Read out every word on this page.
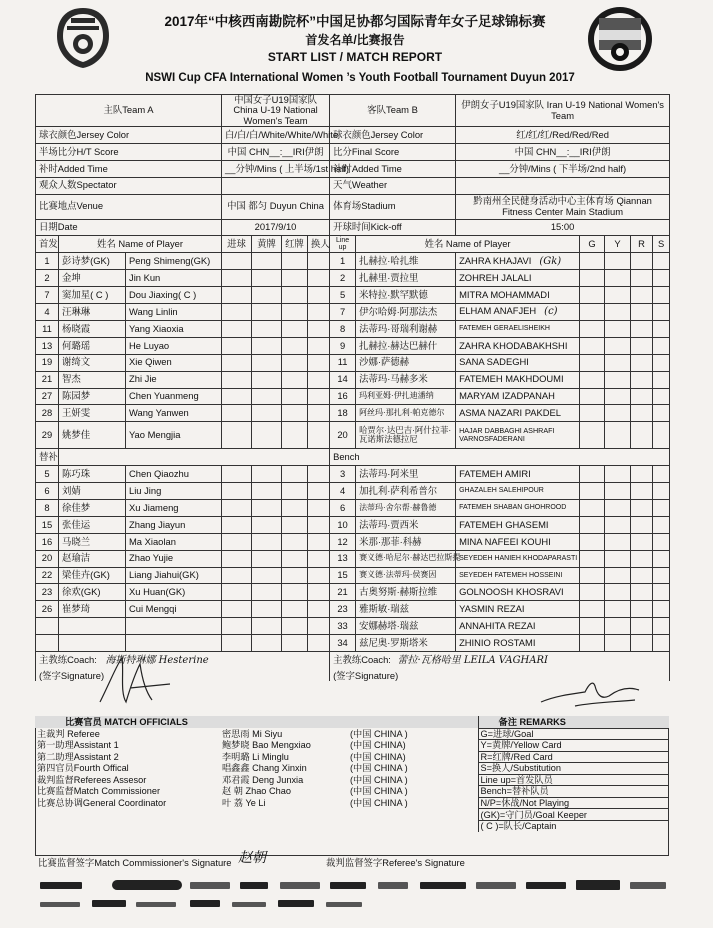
2017年“中核西南勘院杯”中国足协都匀国际青年女子足球锦标赛
首发名单/比赛报告
START LIST / MATCH REPORT
NSWI Cup CFA International Women ’s Youth Football Tournament Duyun 2017
主队Team A			中国女子U19国家队 China U-19 National Women's Team				客队Team B		伊朗女子U19国家队 Iran U-19 National Women's Team				
球衣颜色Jersey Color			白/白/白/White/White/White				球衣颜色Jersey Color		红/红/红/Red/Red/Red				
半场比分H/T Score			中国 CHN__:__IRI伊朗				比分Final Score		中国 CHN__:__IRI伊朗				
补时Added Time			__分钟/Mins ( 上半场/1st half)				补时Added Time		__分钟/Mins ( 下半场/2nd half)				
观众人数Spectator							天气Weather						
比赛地点Venue			中国 都匀 Duyun China				体育场Stadium		黔南州全民健身活动中心主体育场 Qiannan Fitness Center Main Stadium				
日期Date			2017/9/10				开球时间Kick-off		15:00				
首发	姓名 Name of Player		进球	黄牌	红牌	换人	Line up	姓名 Name of Player		G	Y	R	S
1	彭诗梦(GK)	Peng Shimeng(GK)					1	扎赫拉·哈扎维	ZAHRA KHAJAVI (Gk)				
2	金坤	Jin Kun					2	扎赫里·贾拉里	ZOHREH JALALI				
7	窦加星( C )	Dou Jiaxing( C )					5	米特拉·默罕默德	MITRA MOHAMMADI				
4	汪琳琳	Wang Linlin					7	伊尔哈姆·阿那法杰	ELHAM ANAFJEH (c)				
11	杨晓霞	Yang Xiaoxia					8	法蒂玛·哥瑞利谢赫	FATEMEH GERAELISHEIKH				
13	何璐瑶	He Luyao					9	扎赫拉·赫达巴赫什	ZAHRA KHODABAKHSHI				
19	谢绮文	Xie Qiwen					11	沙娜·萨德赫	SANA SADEGHI				
21	智杰	Zhi Jie					14	法蒂玛·马赫多米	FATEMEH MAKHDOUMI				
27	陈园梦	Chen Yuanmeng					16	玛利亚姆·伊扎迪潘纳	MARYAM IZADPANAH				
28	王妍雯	Wang Yanwen					18	阿丝玛·那扎利·帕克德尔	ASMA NAZARI PAKDEL				
29	姚梦佳	Yao Mengjia					20	哈贾尔·达巴吉·阿什拉菲·瓦诺斯法德拉尼	HAJAR DABBAGHI ASHRAFI VARNOSFADERANI				
替补							Bench						
5	陈巧珠	Chen Qiaozhu					3	法蒂玛·阿米里	FATEMEH AMIRI				
6	刘婧	Liu Jing					4	加扎利·萨利希普尔	GHAZALEH SALEHIPOUR				
8	徐佳梦	Xu Jiameng					6	法蒂玛·舍尔帮·赫鲁德	FATEMEH SHABAN GHOHROOD				
15	张佳运	Zhang Jiayun					10	法蒂玛·贾西米	FATEMEH GHASEMI				
16	马晓兰	Ma Xiaolan					12	米那·那菲·科赫	MINA NAFEEI KOUHI				
20	赵瑜洁	Zhao Yujie					13	赛义德·哈尼尔·赫达巴拉斯提	SEYEDEH HANIEH KHODAPARASTI				
22	梁佳卉(GK)	Liang Jiahui(GK)					15	赛义德·法蒂玛·侯赛因	SEYEDEH FATEMEH HOSSEINI				
23	徐欢(GK)	Xu Huan(GK)					21	古奥努斯·赫斯拉维	GOLNOOSH KHOSRAVI				
26	崔梦琦	Cui Mengqi					23	雅斯敏·瑞兹	YASMIN REZAI				
							33	安娜赫塔·瑞兹	ANNAHITA REZAI				
							34	兹尼奥·罗斯塔米	ZHINIO ROSTAMI				
主教练Coach: 海斯特琳娜 Hesterine
(签字Signature)							主教练Coach: 蕾拉·瓦格哈里 LEILA VAGHARI
(签字Signature)						
比赛官员 MATCH OFFICIALS			备注 REMARKS
主裁判 Referee	密思雨 Mi Siyu	(中国 CHINA )	G=进球/Goal
第一助理Assistant 1	鲍梦晓 Bao Mengxiao	(中国 CHINA)	Y=黄牌/Yellow Card
第二助理Assistant 2	李明璐 Li Minglu	(中国 CHINA)	R=红牌/Red Card
第四官员Fourth Offical	唱鑫鑫 Chang Xinxin	(中国 CHINA )	S=换人/Substitution
裁判监督Referees Assesor	邓君霞 Deng Junxia	(中国 CHINA )	Line up=首发队员
比赛监督Match Commissioner	赵 朝 Zhao Chao	(中国 CHINA )	Bench=替补队员
比赛总协调General Coordinator	叶 荔 Ye Li	(中国 CHINA )	N/P=休战/Not Playing
			(GK)=守门员/Goal Keeper
			( C )=队长/Captain
比赛监督签字Match Commissioner's Signature 赵朝	裁判监督签字Referee's Signature
